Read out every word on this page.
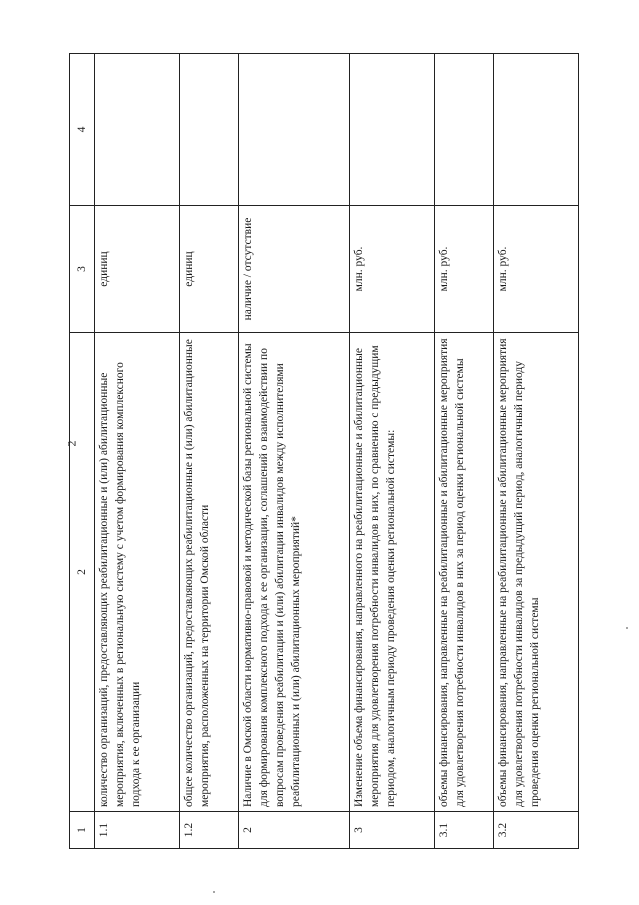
2
1	2	3	4
1.1	количество организаций, предоставляющих реабилитационные и (или) абилитационные мероприятия, включенных в региональную систему с учетом формирования комплексного подхода к ее организации	единиц	
1.2	общее количество организаций, предоставляющих реабилитационные и (или) абилитационные мероприятия, расположенных на территории Омской области	единиц	
2	Наличие в Омской области нормативно-правовой и методической базы региональной системы для формирования комплексного подхода к ее организации, соглашений о взаимодействии по вопросам проведения реабилитации и (или) абилитации инвалидов между исполнителями реабилитационных и (или) абилитационных мероприятий*	наличие / отсутствие	
3	Изменение объема финансирования, направленного на реабилитационные и абилитационные мероприятия для удовлетворения потребности инвалидов в них, по сравнению с предыдущим периодом, аналогичным периоду проведения оценки региональной системы:	млн. руб.	
3.1	объемы финансирования, направленные на реабилитационные и абилитационные мероприятия для удовлетворения потребности инвалидов в них за период оценки региональной системы	млн. руб.	
3.2	объемы финансирования, направленные на реабилитационные и абилитационные мероприятия для удовлетворения потребности инвалидов за предыдущий период, аналогичный периоду проведения оценки региональной системы	млн. руб.	
